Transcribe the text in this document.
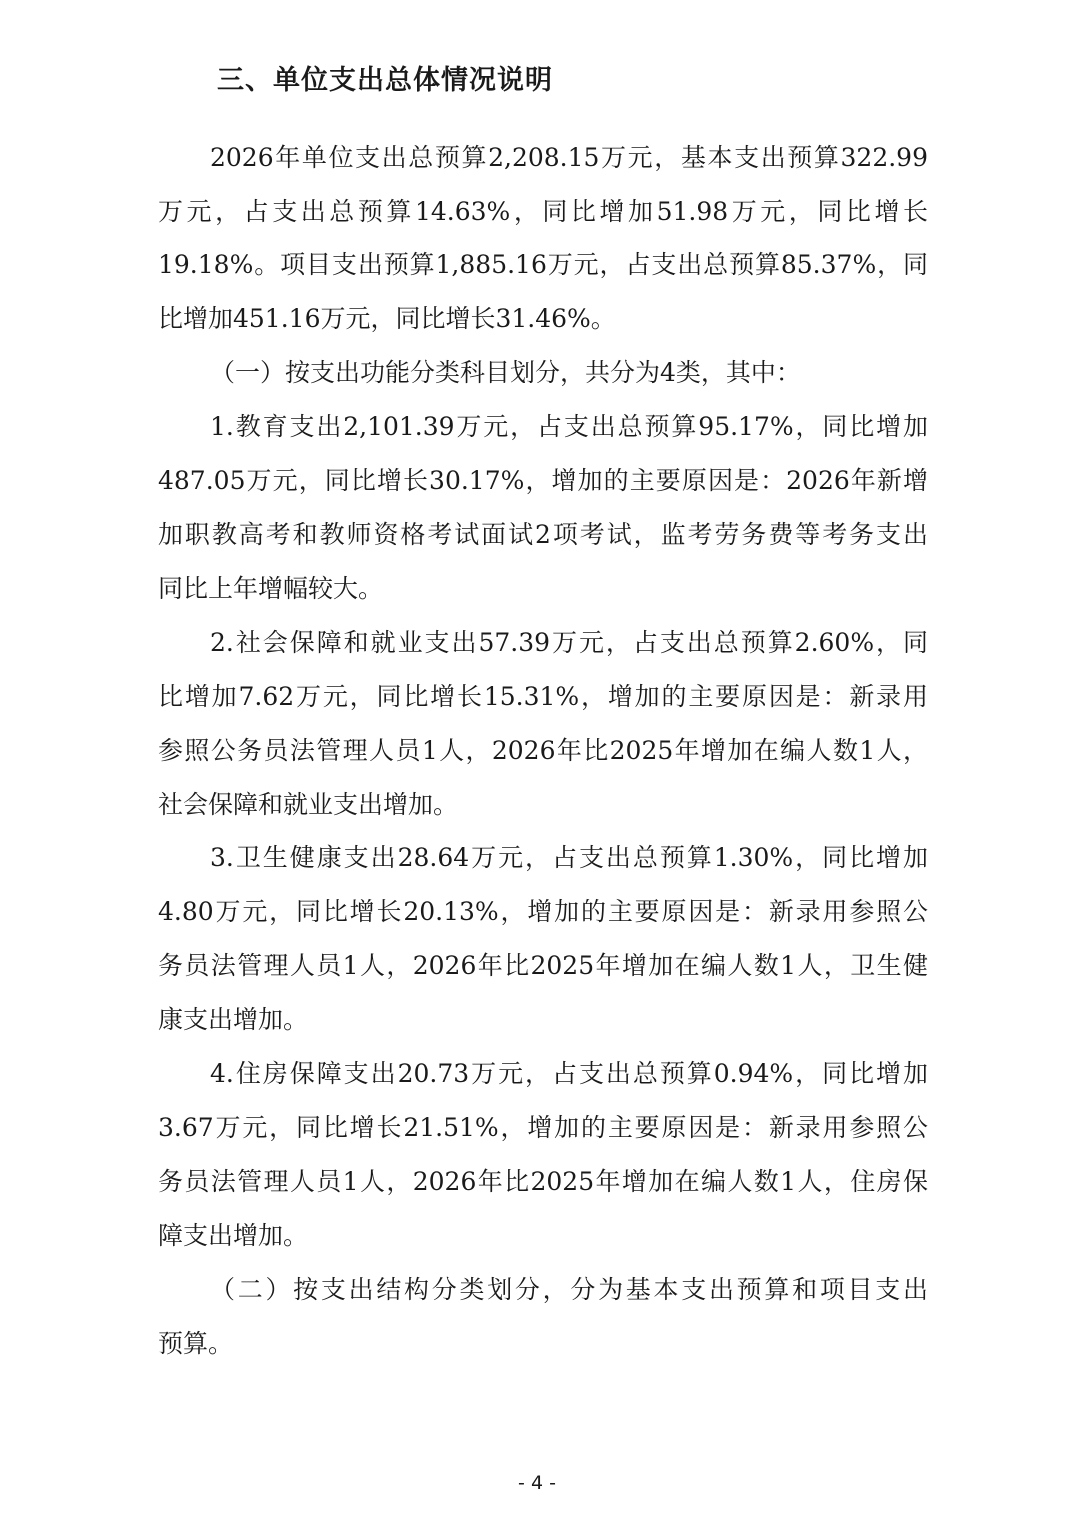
三、单位支出总体情况说明
2026年单位支出总预算2,208.15万元，基本支出预算322.99
万元，占支出总预算14.63%，同比增加51.98万元，同比增长
19.18%。项目支出预算1,885.16万元，占支出总预算85.37%，同
比增加451.16万元，同比增长31.46%。
（一）按支出功能分类科目划分，共分为4类，其中：
1.教育支出2,101.39万元，占支出总预算95.17%，同比增加
487.05万元，同比增长30.17%，增加的主要原因是：2026年新增
加职教高考和教师资格考试面试2项考试，监考劳务费等考务支出
同比上年增幅较大。
2.社会保障和就业支出57.39万元，占支出总预算2.60%，同
比增加7.62万元，同比增长15.31%，增加的主要原因是：新录用
参照公务员法管理人员1人，2026年比2025年增加在编人数1人，
社会保障和就业支出增加。
3.卫生健康支出28.64万元，占支出总预算1.30%，同比增加
4.80万元，同比增长20.13%，增加的主要原因是：新录用参照公
务员法管理人员1人，2026年比2025年增加在编人数1人，卫生健
康支出增加。
4.住房保障支出20.73万元，占支出总预算0.94%，同比增加
3.67万元，同比增长21.51%，增加的主要原因是：新录用参照公
务员法管理人员1人，2026年比2025年增加在编人数1人，住房保
障支出增加。
（二）按支出结构分类划分，分为基本支出预算和项目支出
预算。
- 4 -
